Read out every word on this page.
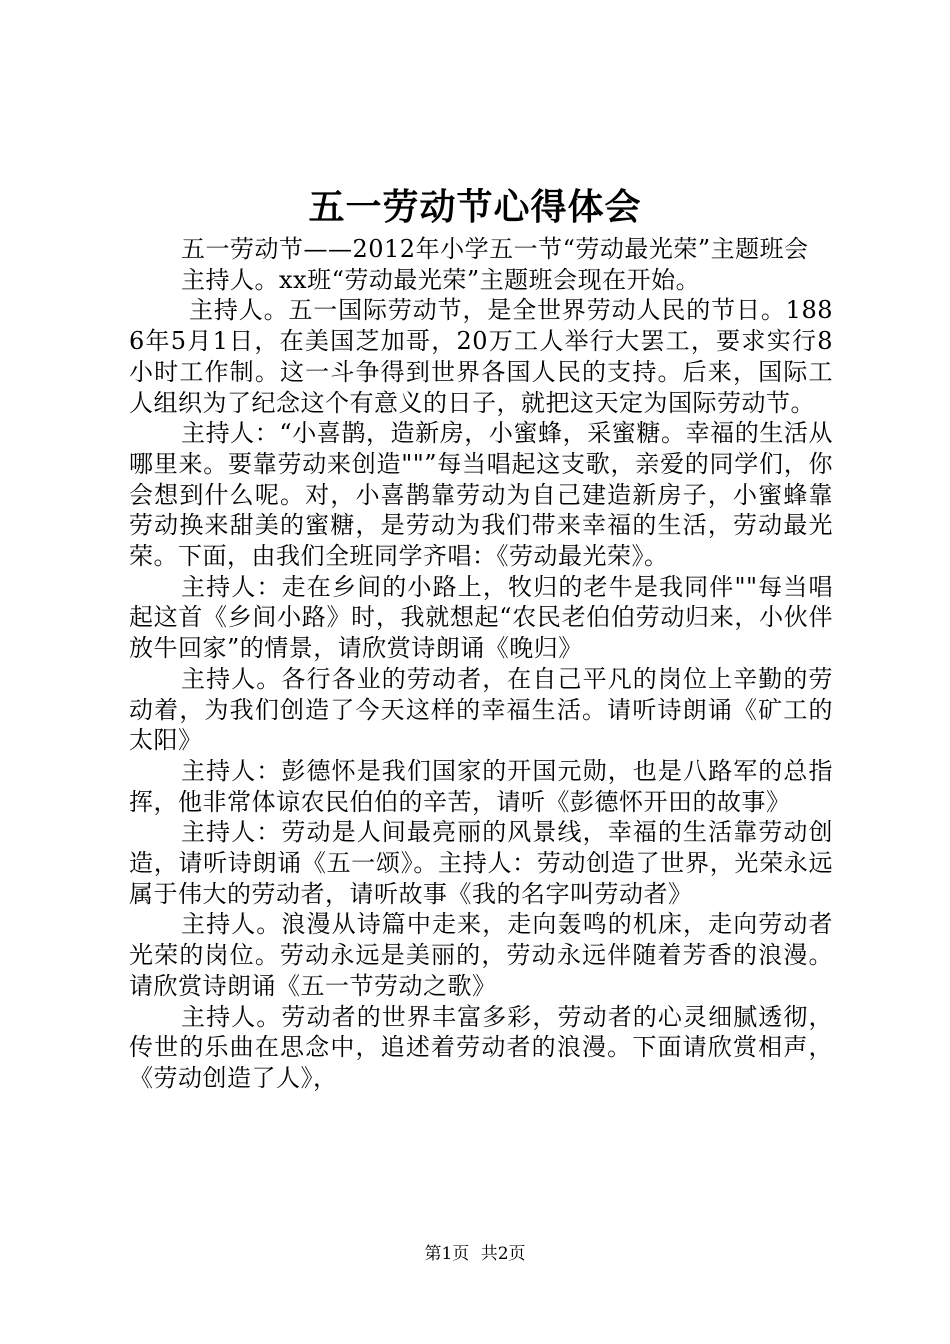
五一劳动节心得体会

五一劳动节——2012年小学五一节“劳动最光荣”主题班会

主持人。xx班“劳动最光荣”主题班会现在开始。

主持人。五一国际劳动节，是全世界劳动人民的节日。1886年5月1日，在美国芝加哥，20万工人举行大罢工，要求实行8小时工作制。这一斗争得到世界各国人民的支持。后来，国际工人组织为了纪念这个有意义的日子，就把这天定为国际劳动节。

主持人：“小喜鹊，造新房，小蜜蜂，采蜜糖。幸福的生活从哪里来。要靠劳动来创造""”每当唱起这支歌，亲爱的同学们，你会想到什么呢。对，小喜鹊靠劳动为自己建造新房子，小蜜蜂靠劳动换来甜美的蜜糖，是劳动为我们带来幸福的生活，劳动最光荣。下面，由我们全班同学齐唱：《劳动最光荣》。

主持人：走在乡间的小路上，牧归的老牛是我同伴""每当唱起这首《乡间小路》时，我就想起“农民老伯伯劳动归来，小伙伴放牛回家”的情景，请欣赏诗朗诵《晚归》

主持人。各行各业的劳动者，在自己平凡的岗位上辛勤的劳动着，为我们创造了今天这样的幸福生活。请听诗朗诵《矿工的太阳》

主持人：彭德怀是我们国家的开国元勋，也是八路军的总指挥，他非常体谅农民伯伯的辛苦，请听《彭德怀开田的故事》

主持人：劳动是人间最亮丽的风景线，幸福的生活靠劳动创造，请听诗朗诵《五一颂》。主持人：劳动创造了世界，光荣永远属于伟大的劳动者，请听故事《我的名字叫劳动者》

主持人。浪漫从诗篇中走来，走向轰鸣的机床，走向劳动者光荣的岗位。劳动永远是美丽的，劳动永远伴随着芳香的浪漫。请欣赏诗朗诵《五一节劳动之歌》

主持人。劳动者的世界丰富多彩，劳动者的心灵细腻透彻，传世的乐曲在思念中，追述着劳动者的浪漫。下面请欣赏相声，《劳动创造了人》，

第1页 共2页
